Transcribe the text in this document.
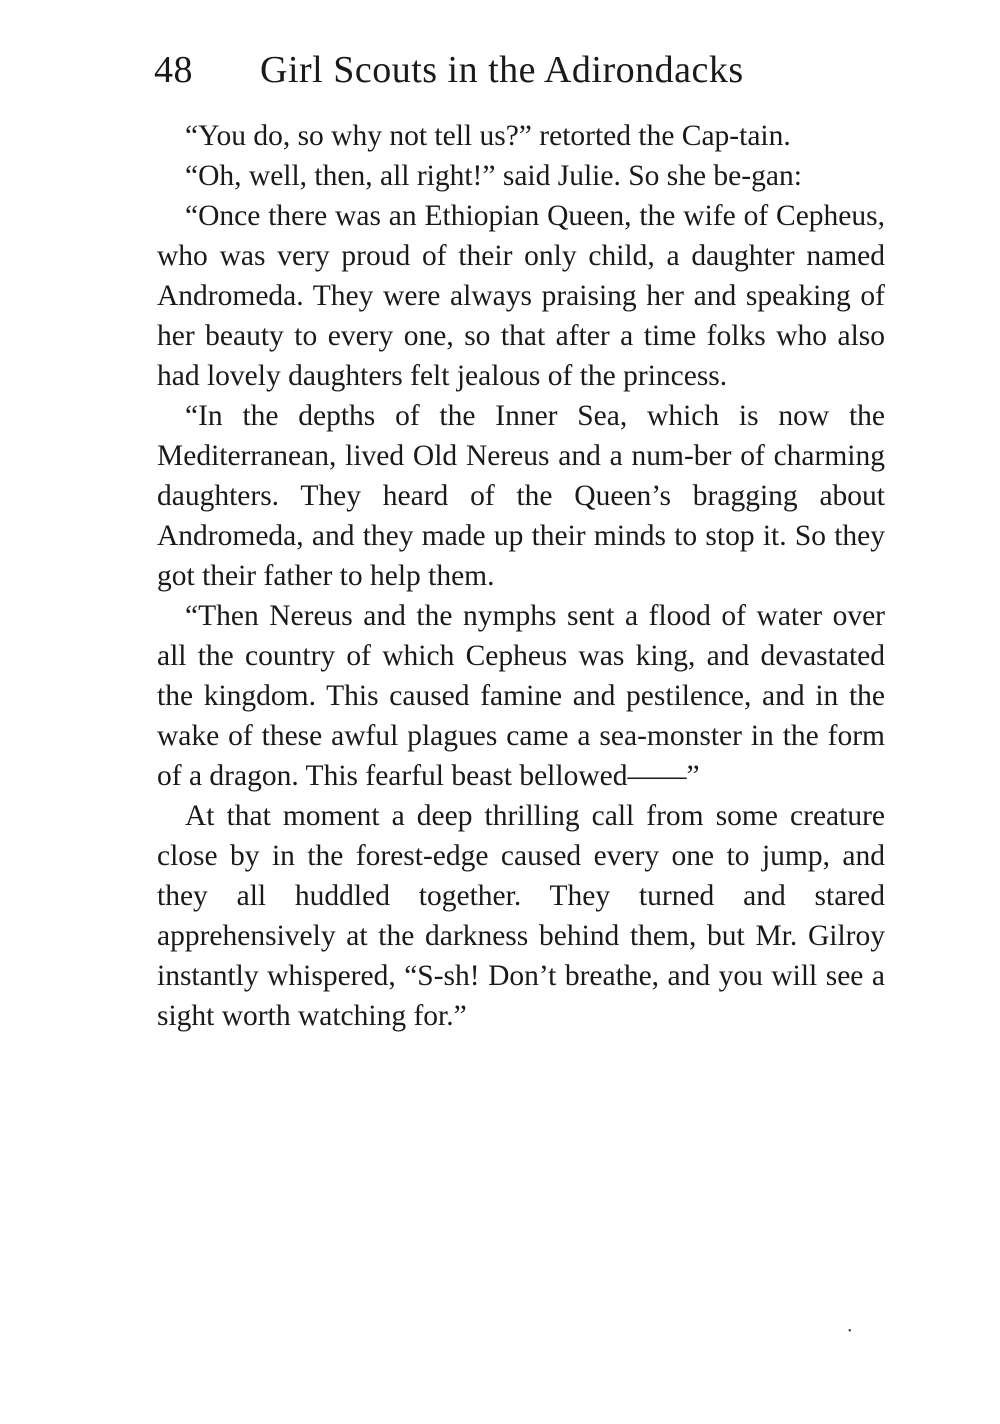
48 Girl Scouts in the Adirondacks

“You do, so why not tell us?” retorted the Cap-tain.

“Oh, well, then, all right!” said Julie. So she be-gan:

“Once there was an Ethiopian Queen, the wife of Cepheus, who was very proud of their only child, a daughter named Andromeda. They were always praising her and speaking of her beauty to every one, so that after a time folks who also had lovely daughters felt jealous of the princess.

“In the depths of the Inner Sea, which is now the Mediterranean, lived Old Nereus and a num-ber of charming daughters. They heard of the Queen’s bragging about Andromeda, and they made up their minds to stop it. So they got their father to help them.

“Then Nereus and the nymphs sent a flood of water over all the country of which Cepheus was king, and devastated the kingdom. This caused famine and pestilence, and in the wake of these awful plagues came a sea-monster in the form of a dragon. This fearful beast bellowed——”

At that moment a deep thrilling call from some creature close by in the forest-edge caused every one to jump, and they all huddled together. They turned and stared apprehensively at the darkness behind them, but Mr. Gilroy instantly whispered, “S-sh! Don’t breathe, and you will see a sight worth watching for.”

•
